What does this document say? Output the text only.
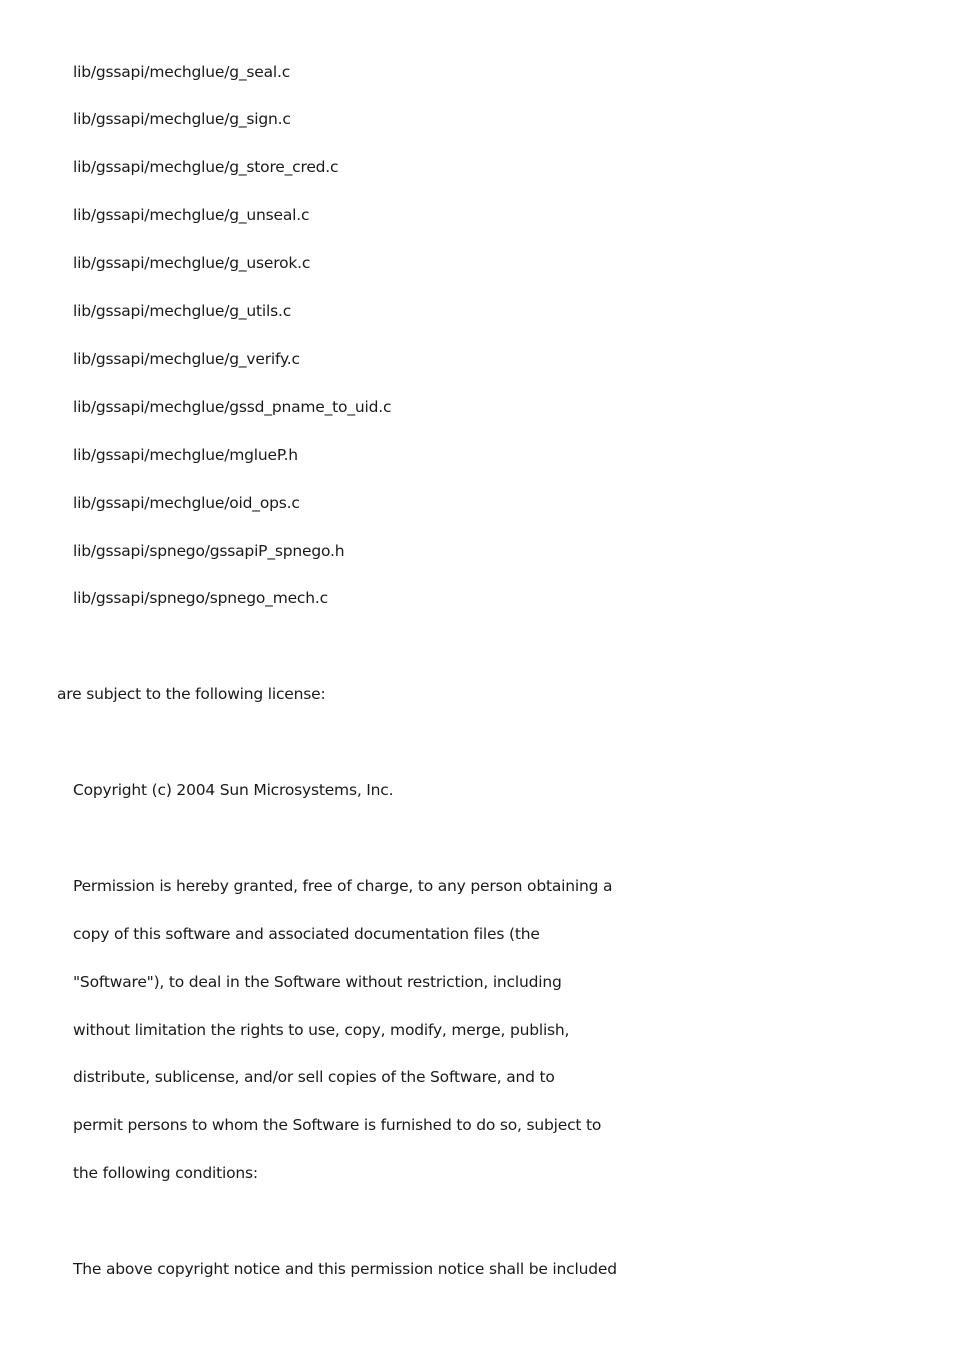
lib/gssapi/mechglue/g_seal.c
lib/gssapi/mechglue/g_sign.c
lib/gssapi/mechglue/g_store_cred.c
lib/gssapi/mechglue/g_unseal.c
lib/gssapi/mechglue/g_userok.c
lib/gssapi/mechglue/g_utils.c
lib/gssapi/mechglue/g_verify.c
lib/gssapi/mechglue/gssd_pname_to_uid.c
lib/gssapi/mechglue/mglueP.h
lib/gssapi/mechglue/oid_ops.c
lib/gssapi/spnego/gssapiP_spnego.h
lib/gssapi/spnego/spnego_mech.c
are subject to the following license:
Copyright (c) 2004 Sun Microsystems, Inc.
Permission is hereby granted, free of charge, to any person obtaining a
copy of this software and associated documentation files (the
"Software"), to deal in the Software without restriction, including
without limitation the rights to use, copy, modify, merge, publish,
distribute, sublicense, and/or sell copies of the Software, and to
permit persons to whom the Software is furnished to do so, subject to
the following conditions:
The above copyright notice and this permission notice shall be included
